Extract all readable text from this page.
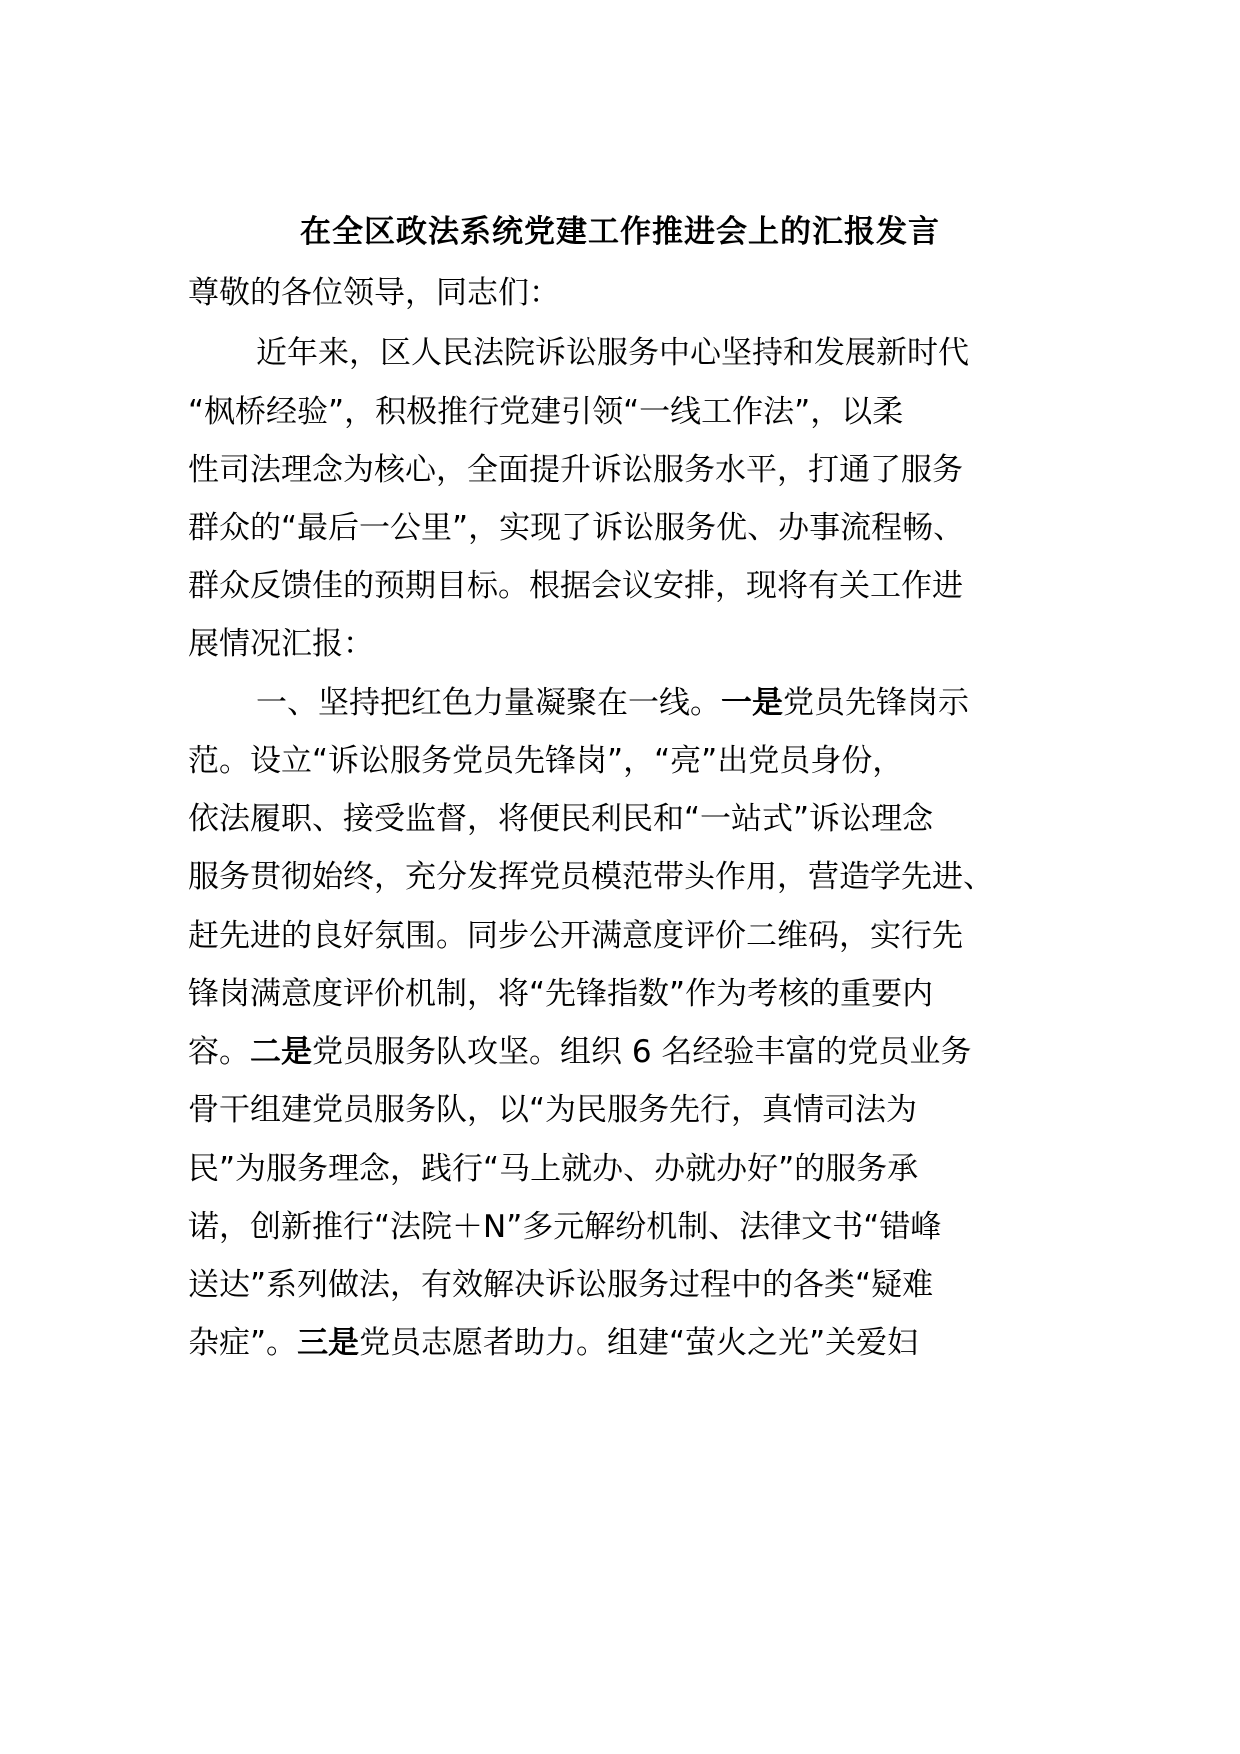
在全区政法系统党建工作推进会上的汇报发言
尊敬的各位领导，同志们：
近年来，区人民法院诉讼服务中心坚持和发展新时代
“枫桥经验”，积极推行党建引领“一线工作法”，以柔
性司法理念为核心，全面提升诉讼服务水平，打通了服务
群众的“最后一公里”，实现了诉讼服务优、办事流程畅、
群众反馈佳的预期目标。根据会议安排，现将有关工作进
展情况汇报：
一、坚持把红色力量凝聚在一线。一是党员先锋岗示
范。设立“诉讼服务党员先锋岗”，“亮”出党员身份，
依法履职、接受监督，将便民利民和“一站式”诉讼理念
服务贯彻始终，充分发挥党员模范带头作用，营造学先进、
赶先进的良好氛围。同步公开满意度评价二维码，实行先
锋岗满意度评价机制，将“先锋指数”作为考核的重要内
容。二是党员服务队攻坚。组织 6 名经验丰富的党员业务
骨干组建党员服务队，以“为民服务先行，真情司法为
民”为服务理念，践行“马上就办、办就办好”的服务承
诺，创新推行“法院＋N”多元解纷机制、法律文书“错峰
送达”系列做法，有效解决诉讼服务过程中的各类“疑难
杂症”。三是党员志愿者助力。组建“萤火之光”关爱妇
